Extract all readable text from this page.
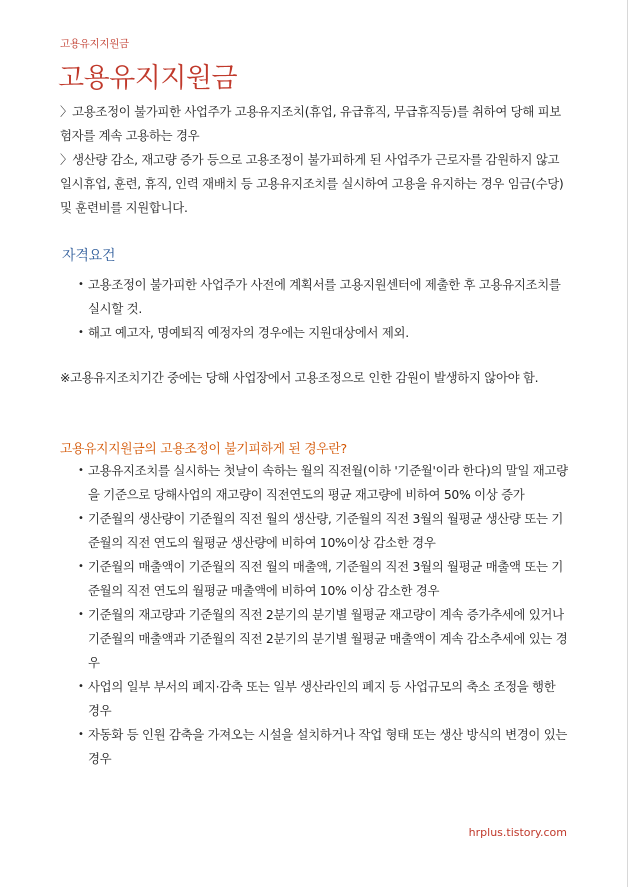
고용유지지원금
고용유지지원금

〉고용조정이 불가피한 사업주가 고용유지조치(휴업, 유급휴직, 무급휴직등)를 취하여 당해 피보험자를 계속 고용하는 경우

〉생산량 감소, 재고량 증가 등으로 고용조정이 불가피하게 된 사업주가 근로자를 감원하지 않고 일시휴업, 훈련, 휴직, 인력 재배치 등 고용유지조치를 실시하여 고용을 유지하는 경우 임금(수당) 및 훈련비를 지원합니다.

자격요건
• 고용조정이 불가피한 사업주가 사전에 계획서를 고용지원센터에 제출한 후 고용유지조치를 실시할 것.
• 해고 예고자, 명예퇴직 예정자의 경우에는 지원대상에서 제외.
※고용유지조치기간 중에는 당해 사업장에서 고용조정으로 인한 감원이 발생하지 않아야 함.
고용유지지원금의 고용조정이 불기피하게 된 경우란?
• 고용유지조치를 실시하는 첫날이 속하는 월의 직전월(이하 '기준월'이라 한다)의 말일 재고량을 기준으로 당해사업의 재고량이 직전연도의 평균 재고량에 비하여 50% 이상 증가
• 기준월의 생산량이 기준월의 직전 월의 생산량, 기준월의 직전 3월의 월평균 생산량 또는 기준월의 직전 연도의 월평균 생산량에 비하여 10%이상 감소한 경우
• 기준월의 매출액이 기준월의 직전 월의 매출액, 기준월의 직전 3월의 월평균 매출액 또는 기준월의 직전 연도의 월평균 매출액에 비하여 10% 이상 감소한 경우
• 기준월의 재고량과 기준월의 직전 2분기의 분기별 월평균 재고량이 계속 증가추세에 있거나 기준월의 매출액과 기준월의 직전 2분기의 분기별 월평균 매출액이 계속 감소추세에 있는 경우
• 사업의 일부 부서의 폐지·감축 또는 일부 생산라인의 폐지 등 사업규모의 축소 조정을 행한 경우
• 자동화 등 인원 감축을 가져오는 시설을 설치하거나 작업 형태 또는 생산 방식의 변경이 있는 경우
hrplus.tistory.com
